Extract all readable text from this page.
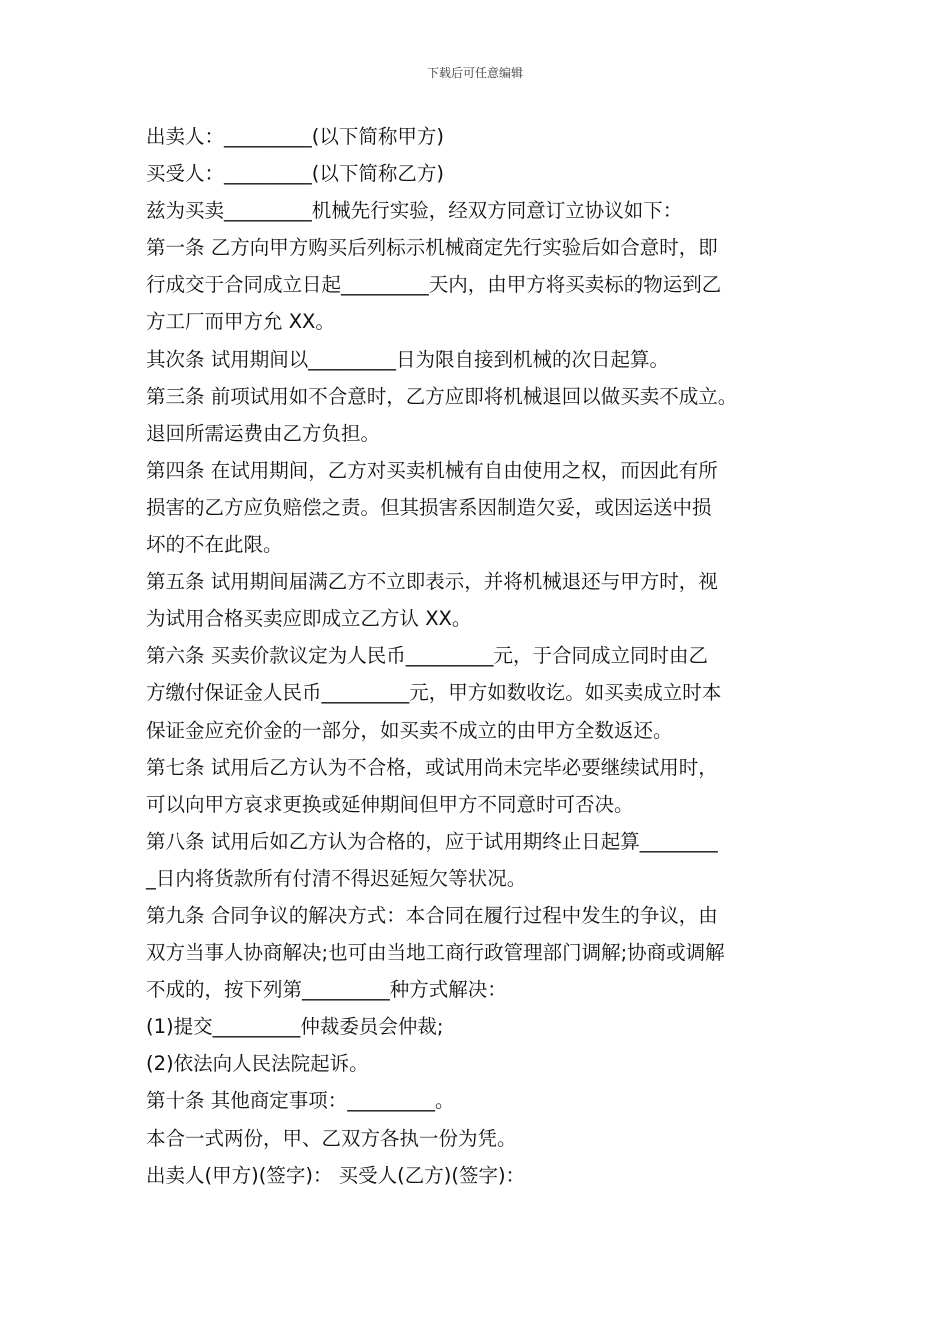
下载后可任意编辑
出卖人：_________(以下简称甲方)
买受人：_________(以下简称乙方)
兹为买卖_________机械先行实验，经双方同意订立协议如下：
第一条 乙方向甲方购买后列标示机械商定先行实验后如合意时，即
行成交于合同成立日起_________天内，由甲方将买卖标的物运到乙
方工厂而甲方允 XX。
其次条 试用期间以_________日为限自接到机械的次日起算。
第三条 前项试用如不合意时，乙方应即将机械退回以做买卖不成立。
退回所需运费由乙方负担。
第四条 在试用期间，乙方对买卖机械有自由使用之权，而因此有所
损害的乙方应负赔偿之责。但其损害系因制造欠妥，或因运送中损
坏的不在此限。
第五条 试用期间届满乙方不立即表示，并将机械退还与甲方时，视
为试用合格买卖应即成立乙方认 XX。
第六条 买卖价款议定为人民币_________元，于合同成立同时由乙
方缴付保证金人民币_________元，甲方如数收讫。如买卖成立时本
保证金应充价金的一部分，如买卖不成立的由甲方全数返还。
第七条 试用后乙方认为不合格，或试用尚未完毕必要继续试用时，
可以向甲方哀求更换或延伸期间但甲方不同意时可否决。
第八条 试用后如乙方认为合格的，应于试用期终止日起算________
_日内将货款所有付清不得迟延短欠等状况。
第九条 合同争议的解决方式：本合同在履行过程中发生的争议，由
双方当事人协商解决;也可由当地工商行政管理部门调解;协商或调解
不成的，按下列第_________种方式解决：
(1)提交_________仲裁委员会仲裁;
(2)依法向人民法院起诉。
第十条 其他商定事项：_________。
本合一式两份，甲、乙双方各执一份为凭。
出卖人(甲方)(签字)： 买受人(乙方)(签字)：
